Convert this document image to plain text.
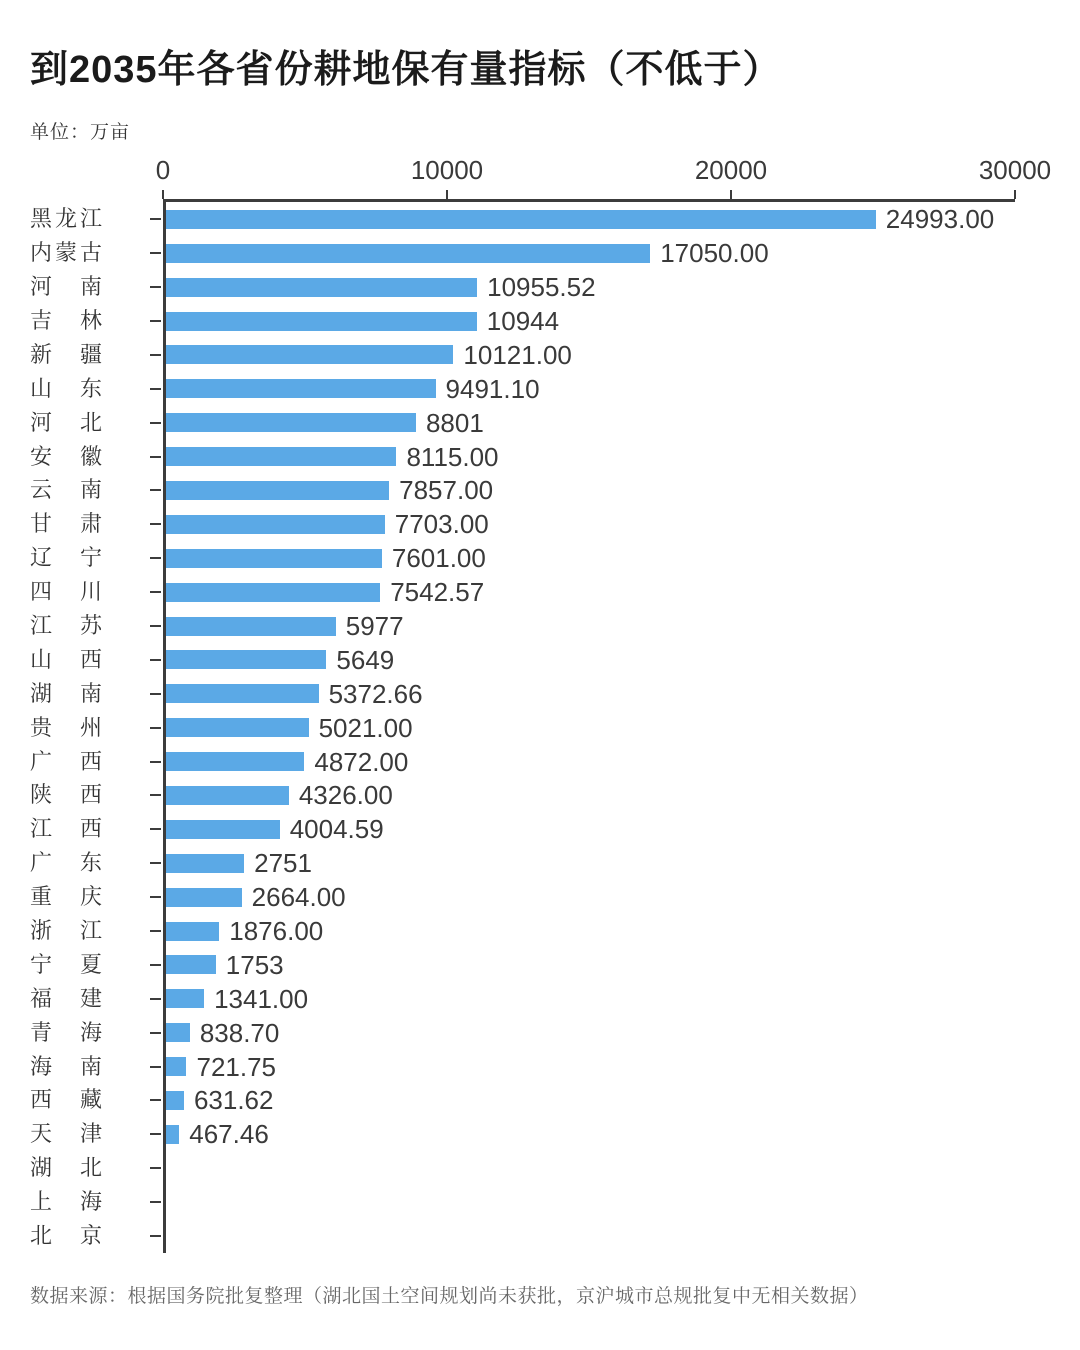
到2035年各省份耕地保有量指标（不低于）
单位：万亩
0	10000	20000	30000
黑龙江	24993.00
内蒙古	17050.00
河南	10955.52
吉林	10944
新疆	10121.00
山东	9491.10
河北	8801
安徽	8115.00
云南	7857.00
甘肃	7703.00
辽宁	7601.00
四川	7542.57
江苏	5977
山西	5649
湖南	5372.66
贵州	5021.00
广西	4872.00
陕西	4326.00
江西	4004.59
广东	2751
重庆	2664.00
浙江	1876.00
宁夏	1753
福建	1341.00
青海	838.70
海南	721.75
西藏	631.62
天津	467.46
湖北
上海
北京
数据来源：根据国务院批复整理（湖北国土空间规划尚未获批，京沪城市总规批复中无相关数据）
